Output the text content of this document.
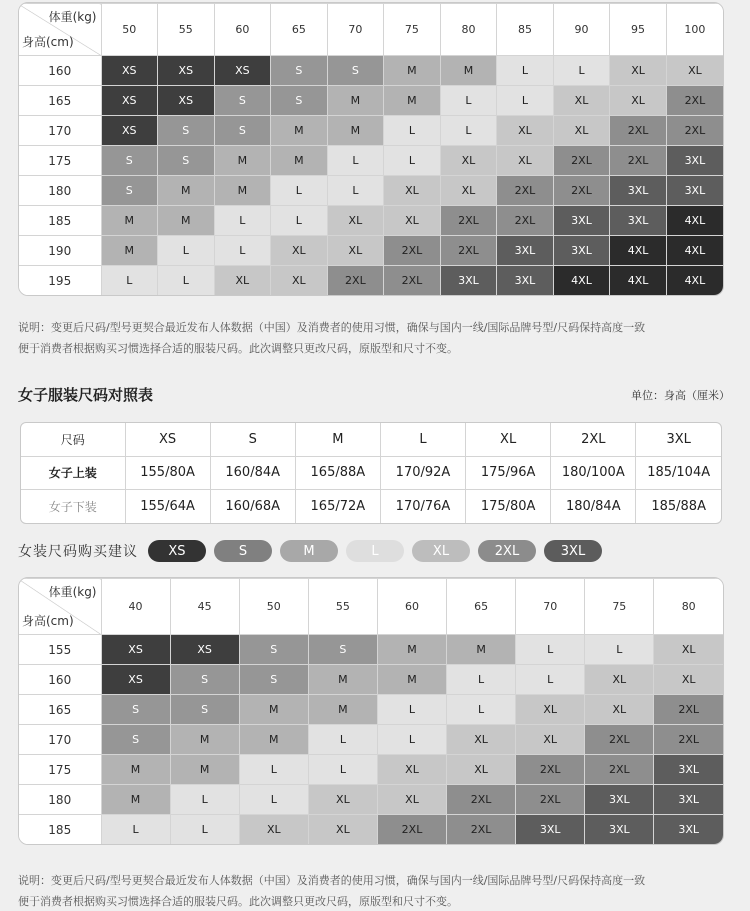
体重(kg)
身高(cm)	50	55	60	65	70	75	80	85	90	95	100
160	XS	XS	XS	S	S	M	M	L	L	XL	XL
165	XS	XS	S	S	M	M	L	L	XL	XL	2XL
170	XS	S	S	M	M	L	L	XL	XL	2XL	2XL
175	S	S	M	M	L	L	XL	XL	2XL	2XL	3XL
180	S	M	M	L	L	XL	XL	2XL	2XL	3XL	3XL
185	M	M	L	L	XL	XL	2XL	2XL	3XL	3XL	4XL
190	M	L	L	XL	XL	2XL	2XL	3XL	3XL	4XL	4XL
195	L	L	XL	XL	2XL	2XL	3XL	3XL	4XL	4XL	4XL
说明：变更后尺码/型号更契合最近发布人体数据（中国）及消费者的使用习惯，确保与国内一线/国际品牌号型/尺码保持高度一致
便于消费者根据购买习惯选择合适的服装尺码。此次调整只更改尺码，原版型和尺寸不变。
女子服装尺码对照表	单位：身高（厘米）
尺码	XS	S	M	L	XL	2XL	3XL
女子上装	155/80A	160/84A	165/88A	170/92A	175/96A	180/100A	185/104A
女子下装	155/64A	160/68A	165/72A	170/76A	175/80A	180/84A	185/88A
女装尺码购买建议	XS	S	M	L	XL	2XL	3XL
体重(kg)
身高(cm)	40	45	50	55	60	65	70	75	80
155	XS	XS	S	S	M	M	L	L	XL
160	XS	S	S	M	M	L	L	XL	XL
165	S	S	M	M	L	L	XL	XL	2XL
170	S	M	M	L	L	XL	XL	2XL	2XL
175	M	M	L	L	XL	XL	2XL	2XL	3XL
180	M	L	L	XL	XL	2XL	2XL	3XL	3XL
185	L	L	XL	XL	2XL	2XL	3XL	3XL	3XL
说明：变更后尺码/型号更契合最近发布人体数据（中国）及消费者的使用习惯，确保与国内一线/国际品牌号型/尺码保持高度一致
便于消费者根据购买习惯选择合适的服装尺码。此次调整只更改尺码，原版型和尺寸不变。
